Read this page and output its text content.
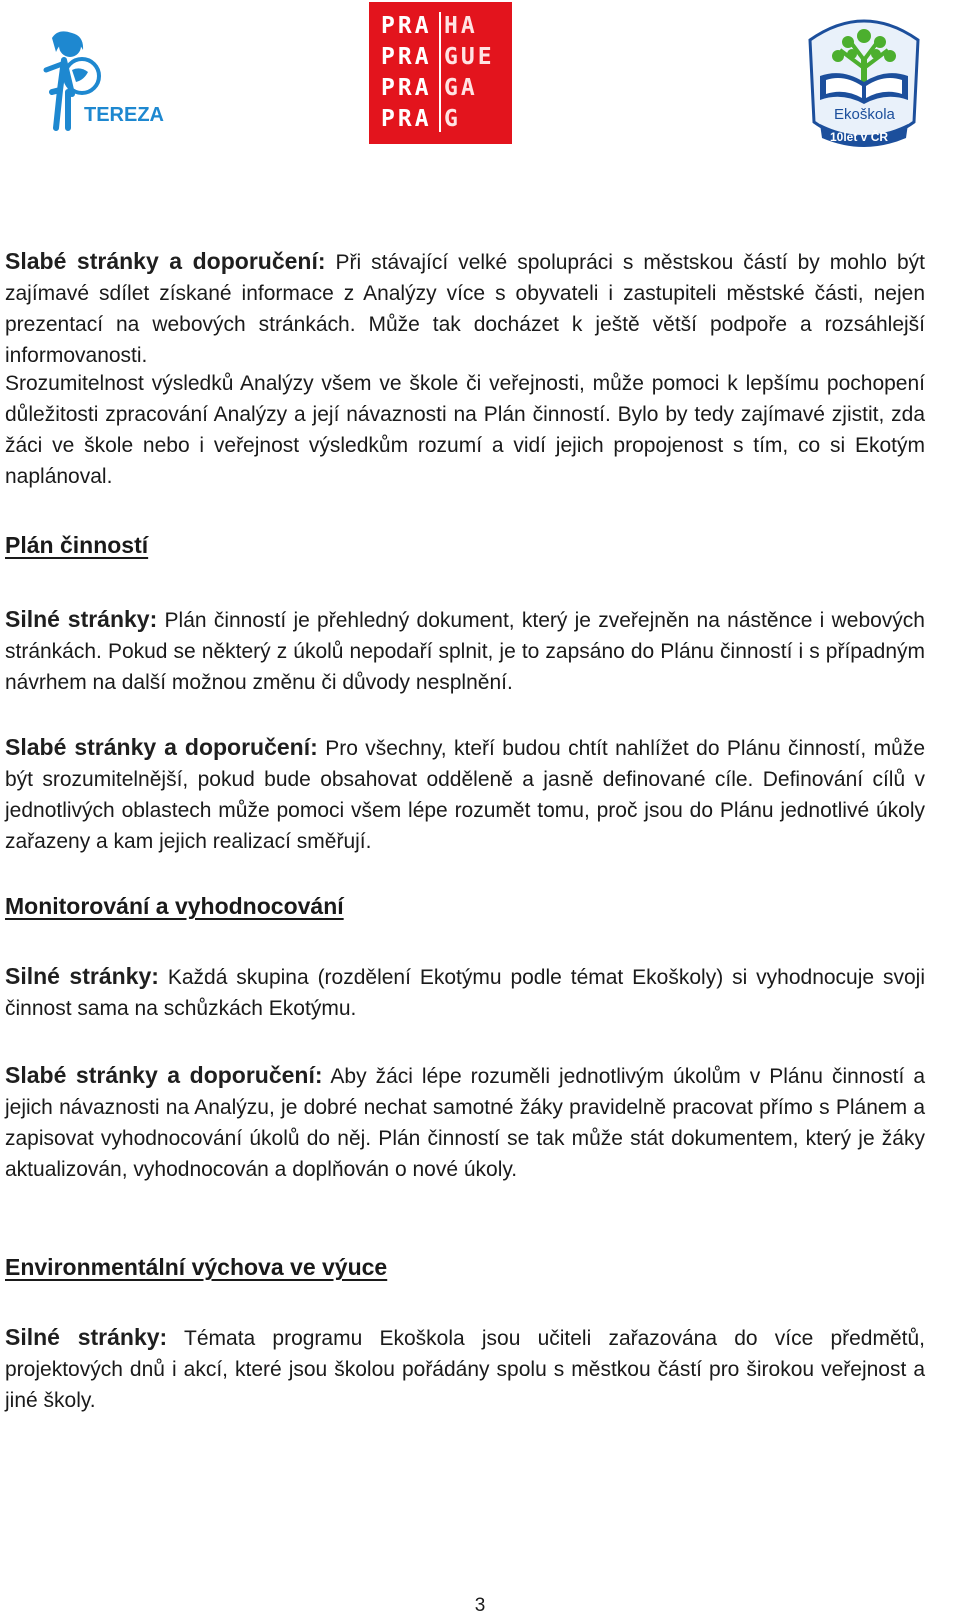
TEREZA
PRA HA
PRA GUE
PRA GA
PRA G	Ekoškola
10let v ČR

Slabé stránky a doporučení: Při stávající velké spolupráci s městskou částí by mohlo být zajímavé sdílet získané informace z Analýzy více s obyvateli i zastupiteli městské části, nejen prezentací na webových stránkách. Může tak docházet k ještě větší podpoře a rozsáhlejší informovanosti.

Srozumitelnost výsledků Analýzy všem ve škole či veřejnosti, může pomoci k lepšímu pochopení důležitosti zpracování Analýzy a její návaznosti na Plán činností. Bylo by tedy zajímavé zjistit, zda žáci ve škole nebo i veřejnost výsledkům rozumí a vidí jejich propojenost s tím, co si Ekotým naplánoval.

Plán činností

Silné stránky: Plán činností je přehledný dokument, který je zveřejněn na nástěnce i webových stránkách. Pokud se některý z úkolů nepodaří splnit, je to zapsáno do Plánu činností i s případným návrhem na další možnou změnu či důvody nesplnění.

Slabé stránky a doporučení: Pro všechny, kteří budou chtít nahlížet do Plánu činností, může být srozumitelnější, pokud bude obsahovat odděleně a jasně definované cíle. Definování cílů v jednotlivých oblastech může pomoci všem lépe rozumět tomu, proč jsou do Plánu jednotlivé úkoly zařazeny a kam jejich realizací směřují.

Monitorování a vyhodnocování

Silné stránky: Každá skupina (rozdělení Ekotýmu podle témat Ekoškoly) si vyhodnocuje svoji činnost sama na schůzkách Ekotýmu.

Slabé stránky a doporučení: Aby žáci lépe rozuměli jednotlivým úkolům v Plánu činností a jejich návaznosti na Analýzu, je dobré nechat samotné žáky pravidelně pracovat přímo s Plánem a zapisovat vyhodnocování úkolů do něj. Plán činností se tak může stát dokumentem, který je žáky aktualizován, vyhodnocován a doplňován o nové úkoly.

Environmentální výchova ve výuce

Silné stránky: Témata programu Ekoškola jsou učiteli zařazována do více předmětů, projektových dnů i akcí, které jsou školou pořádány spolu s městkou částí pro širokou veřejnost a jiné školy.

3
